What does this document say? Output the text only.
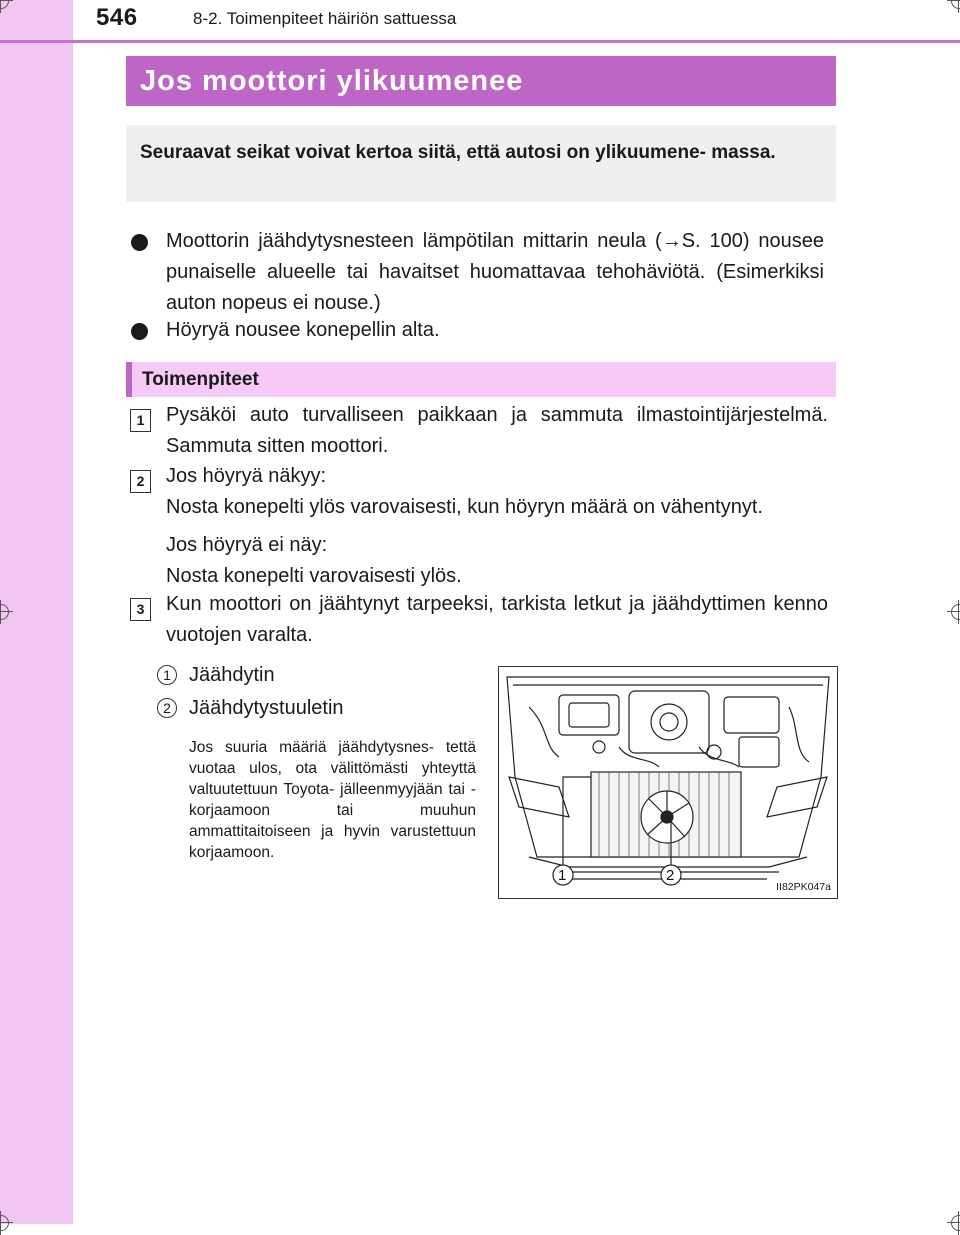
546	8-2. Toimenpiteet häiriön sattuessa
Jos moottori ylikuumenee

Seuraavat seikat voivat kertoa siitä, että autosi on ylikuumene- massa.

Moottorin jäähdytysnesteen lämpötilan mittarin neula (→S. 100) nousee punaiselle alueelle tai havaitset huomattavaa tehohäviötä. (Esimerkiksi auton nopeus ei nouse.)
Höyryä nousee konepellin alta.
Toimenpiteet
1	Pysäköi auto turvalliseen paikkaan ja sammuta ilmastointijärjestelmä. Sammuta sitten moottori.
2	Jos höyryä näkyy:
Nosta konepelti ylös varovaisesti, kun höyryn määrä on vähentynyt.
Jos höyryä ei näy:
Nosta konepelti varovaisesti ylös.
3	Kun moottori on jäähtynyt tarpeeksi, tarkista letkut ja jäähdyttimen kenno vuotojen varalta.
1 Jäähdytin
2 Jäähdytystuuletin
Jos suuria määriä jäähdytysnes- tettä vuotaa ulos, ota välittömästi yhteyttä valtuutettuun Toyota- jälleenmyyjään tai -korjaamoon tai muuhun ammattitaitoiseen ja hyvin varustettuun korjaamoon.
1	2
II82PK047a
